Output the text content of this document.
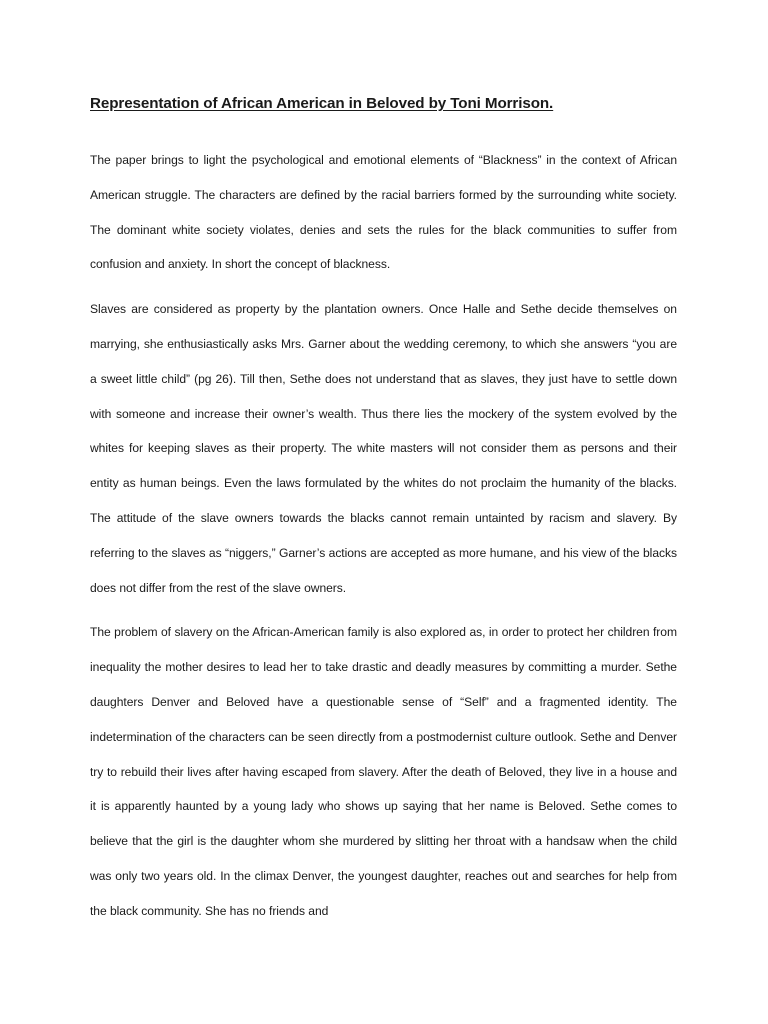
Representation of African American in Beloved by Toni Morrison.

The paper brings to light the psychological and emotional elements of “Blackness” in the context of African American struggle. The characters are defined by the racial barriers formed by the surrounding white society. The dominant white society violates, denies and sets the rules for the black communities to suffer from confusion and anxiety. In short the concept of blackness.

Slaves are considered as property by the plantation owners. Once Halle and Sethe decide themselves on marrying, she enthusiastically asks Mrs. Garner about the wedding ceremony, to which she answers “you are a sweet little child” (pg 26). Till then, Sethe does not understand that as slaves, they just have to settle down with someone and increase their owner’s wealth. Thus there lies the mockery of the system evolved by the whites for keeping slaves as their property. The white masters will not consider them as persons and their entity as human beings. Even the laws formulated by the whites do not proclaim the humanity of the blacks. The attitude of the slave owners towards the blacks cannot remain untainted by racism and slavery. By referring to the slaves as “niggers,” Garner’s actions are accepted as more humane, and his view of the blacks does not differ from the rest of the slave owners.

The problem of slavery on the African-American family is also explored as, in order to protect her children from inequality the mother desires to lead her to take drastic and deadly measures by committing a murder. Sethe daughters Denver and Beloved have a questionable sense of “Self” and a fragmented identity. The indetermination of the characters can be seen directly from a postmodernist culture outlook. Sethe and Denver try to rebuild their lives after having escaped from slavery. After the death of Beloved, they live in a house and it is apparently haunted by a young lady who shows up saying that her name is Beloved. Sethe comes to believe that the girl is the daughter whom she murdered by slitting her throat with a handsaw when the child was only two years old. In the climax Denver, the youngest daughter, reaches out and searches for help from the black community. She has no friends and
